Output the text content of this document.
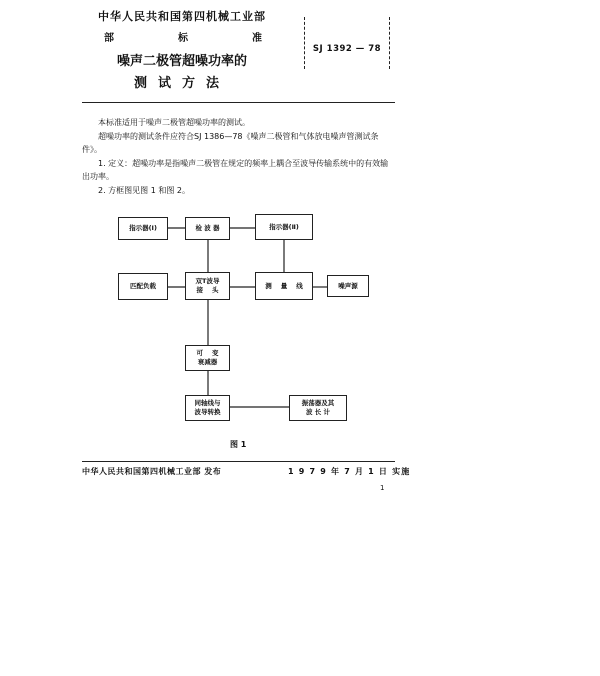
中华人民共和国第四机械工业部
部	标	准
噪声二极管超噪功率的
测试方法
SJ 1392 — 78

本标准适用于噪声二极管超噪功率的测试。

超噪功率的测试条件应符合SJ 1386—78《噪声二极管和气体放电噪声管测试条件》。

1. 定义：超噪功率是指噪声二极管在规定的频率上耦合至波导传输系统中的有效输出功率。

2. 方框图见图 1 和图 2。

指示器(Ⅰ)	检 波 器	指示器(Ⅱ)
匹配负载
双T波导
接    头
测    量    线	噪声源
可    变
衰减器
同轴线与
波导转换
振荡器及其
波 长 计
图 1
中华人民共和国第四机械工业部 发布	1 9 7 9 年 7 月 1 日 实施
1
